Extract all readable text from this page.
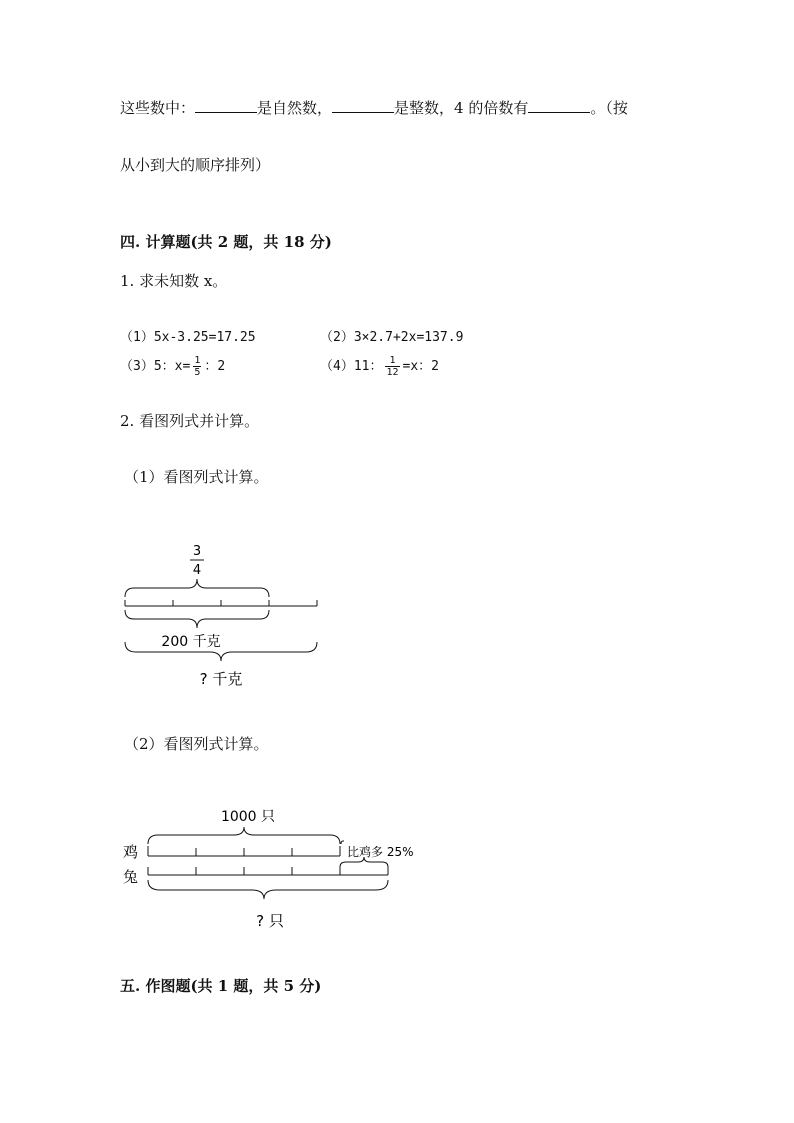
这些数中：	是自然数，	是整数，4 的倍数有	。（按
从小到大的顺序排列）
四. 计算题(共 2 题，共 18 分)
1. 求未知数 x。
（1）5x-3.25=17.25	（2）3×2.7+2x=137.9
（3）5：$x= \frac{1}{5}$ ：2	（4）11： $\frac{1}{12} =x$：2
2. 看图列式并计算。
（1）看图列式计算。
3
4
200 千克
? 千克
（2）看图列式计算。
1000 只
鸡
兔
比鸡多 25%
? 只
五. 作图题(共 1 题，共 5 分)
